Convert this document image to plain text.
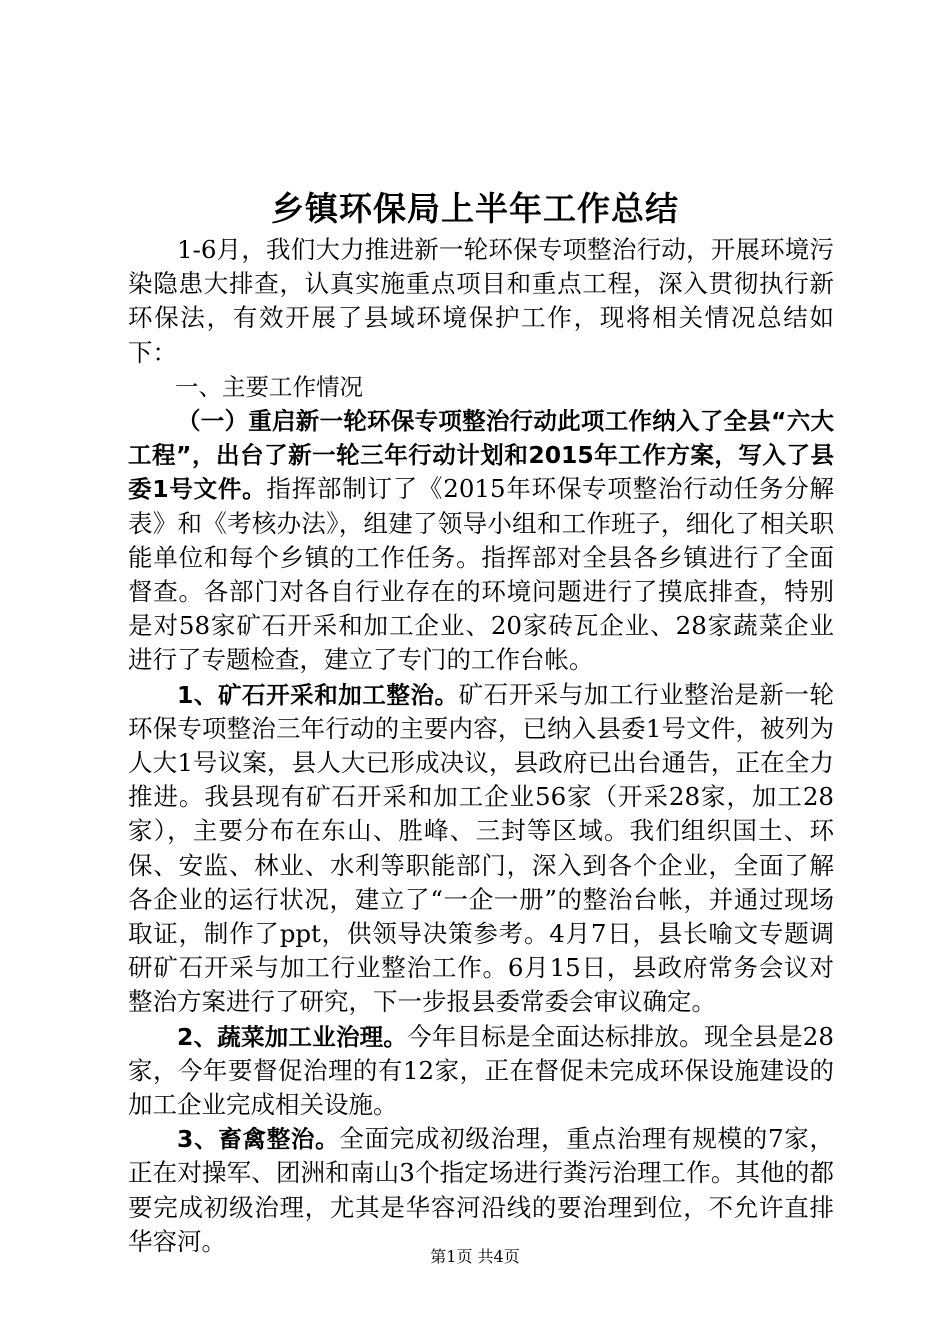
乡镇环保局上半年工作总结

1-6月，我们大力推进新一轮环保专项整治行动，开展环境污染隐患大排查，认真实施重点项目和重点工程，深入贯彻执行新环保法，有效开展了县域环境保护工作，现将相关情况总结如下：

一、主要工作情况

（一）重启新一轮环保专项整治行动此项工作纳入了全县“六大工程”，出台了新一轮三年行动计划和2015年工作方案，写入了县委1号文件。指挥部制订了《2015年环保专项整治行动任务分解表》和《考核办法》，组建了领导小组和工作班子，细化了相关职能单位和每个乡镇的工作任务。指挥部对全县各乡镇进行了全面督查。各部门对各自行业存在的环境问题进行了摸底排查，特别是对58家矿石开采和加工企业、20家砖瓦企业、28家蔬菜企业进行了专题检查，建立了专门的工作台帐。

1、矿石开采和加工整治。矿石开采与加工行业整治是新一轮环保专项整治三年行动的主要内容，已纳入县委1号文件，被列为人大1号议案，县人大已形成决议，县政府已出台通告，正在全力推进。我县现有矿石开采和加工企业56家（开采28家，加工28家），主要分布在东山、胜峰、三封等区域。我们组织国土、环保、安监、林业、水利等职能部门，深入到各个企业，全面了解各企业的运行状况，建立了“一企一册”的整治台帐，并通过现场取证，制作了ppt，供领导决策参考。4月7日，县长喻文专题调研矿石开采与加工行业整治工作。6月15日，县政府常务会议对整治方案进行了研究，下一步报县委常委会审议确定。

2、蔬菜加工业治理。今年目标是全面达标排放。现全县是28家，今年要督促治理的有12家，正在督促未完成环保设施建设的加工企业完成相关设施。

3、畜禽整治。全面完成初级治理，重点治理有规模的7家，正在对操军、团洲和南山3个指定场进行粪污治理工作。其他的都要完成初级治理，尤其是华容河沿线的要治理到位，不允许直排华容河。

第1页 共4页
